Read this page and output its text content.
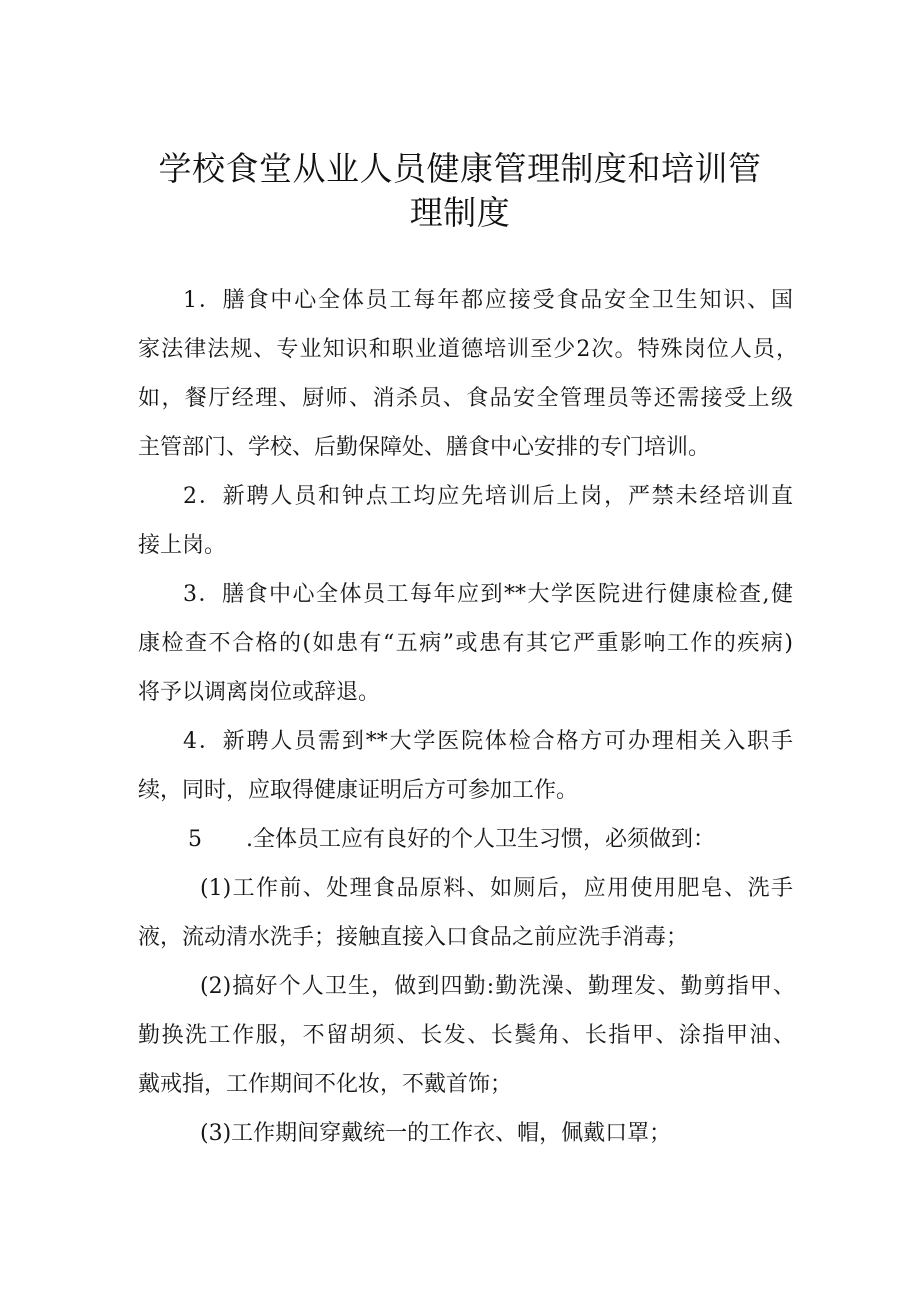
学校食堂从业人员健康管理制度和培训管
理制度
1．膳食中心全体员工每年都应接受食品安全卫生知识、国
家法律法规、专业知识和职业道德培训至少2次。特殊岗位人员，
如，餐厅经理、厨师、消杀员、食品安全管理员等还需接受上级
主管部门、学校、后勤保障处、膳食中心安排的专门培训。
2．新聘人员和钟点工均应先培训后上岗，严禁未经培训直
接上岗。
3．膳食中心全体员工每年应到**大学医院进行健康检查,健
康检查不合格的(如患有“五病”或患有其它严重影响工作的疾病)
将予以调离岗位或辞退。
4．新聘人员需到**大学医院体检合格方可办理相关入职手
续，同时，应取得健康证明后方可参加工作。
5　　.全体员工应有良好的个人卫生习惯，必须做到：
(1)工作前、处理食品原料、如厕后，应用使用肥皂、洗手
液，流动清水洗手；接触直接入口食品之前应洗手消毒；
(2)搞好个人卫生，做到四勤:勤洗澡、勤理发、勤剪指甲、
勤换洗工作服，不留胡须、长发、长鬓角、长指甲、涂指甲油、
戴戒指，工作期间不化妆，不戴首饰；
(3)工作期间穿戴统一的工作衣、帽，佩戴口罩；
